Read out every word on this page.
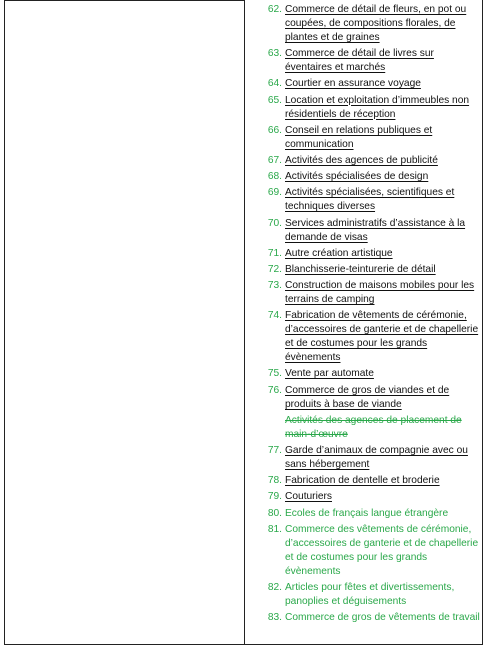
62. Commerce de détail de fleurs, en pot ou coupées, de compositions florales, de plantes et de graines
63. Commerce de détail de livres sur éventaires et marchés
64. Courtier en assurance voyage
65. Location et exploitation d’immeubles non résidentiels de réception
66. Conseil en relations publiques et communication
67. Activités des agences de publicité
68. Activités spécialisées de design
69. Activités spécialisées, scientifiques et techniques diverses
70. Services administratifs d’assistance à la demande de visas
71. Autre création artistique
72. Blanchisserie-teinturerie de détail
73. Construction de maisons mobiles pour les terrains de camping
74. Fabrication de vêtements de cérémonie, d’accessoires de ganterie et de chapellerie et de costumes pour les grands évènements
75. Vente par automate
76. Commerce de gros de viandes et de produits à base de viande
Activités des agences de placement de main-d’œuvre
77. Garde d’animaux de compagnie avec ou sans hébergement
78. Fabrication de dentelle et broderie
79. Couturiers
80. Ecoles de français langue étrangère
81. Commerce des vêtements de cérémonie, d’accessoires de ganterie et de chapellerie et de costumes pour les grands évènements
82. Articles pour fêtes et divertissements, panoplies et déguisements
83. Commerce de gros de vêtements de travail
